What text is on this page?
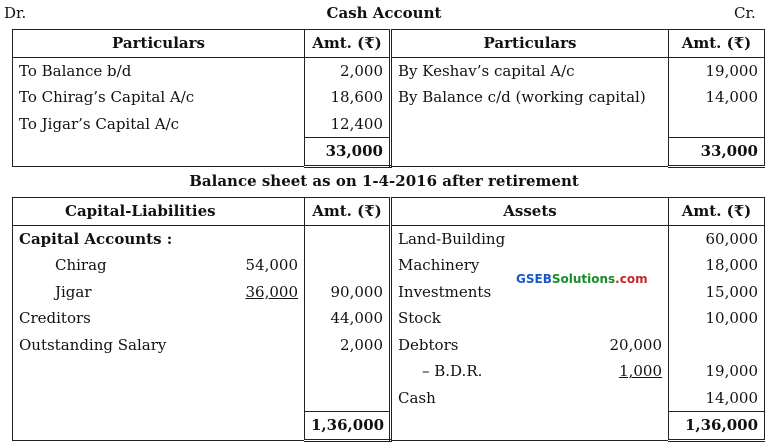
Dr.	Cash Account	Cr.
Particulars	Amt. (₹)	Particulars	Amt. (₹)
To Balance b/d	2,000	By Keshav’s capital A/c	19,000
To Chirag’s Capital A/c	18,600	By Balance c/d (working capital)	14,000
To Jigar’s Capital A/c	12,400		
	33,000		33,000
Balance sheet as on 1-4-2016 after retirement
Capital-Liabilities		Amt. (₹)	Assets		Amt. (₹)
Capital Accounts :			Land-Building		60,000
Chirag	54,000		Machinery		18,000
Jigar	36,000	90,000	Investments		15,000
Creditors		44,000	Stock		10,000
Outstanding Salary		2,000	Debtors	20,000	
			– B.D.R.	1,000	19,000
			Cash		14,000
		1,36,000			1,36,000
GSEBSolutions.com
